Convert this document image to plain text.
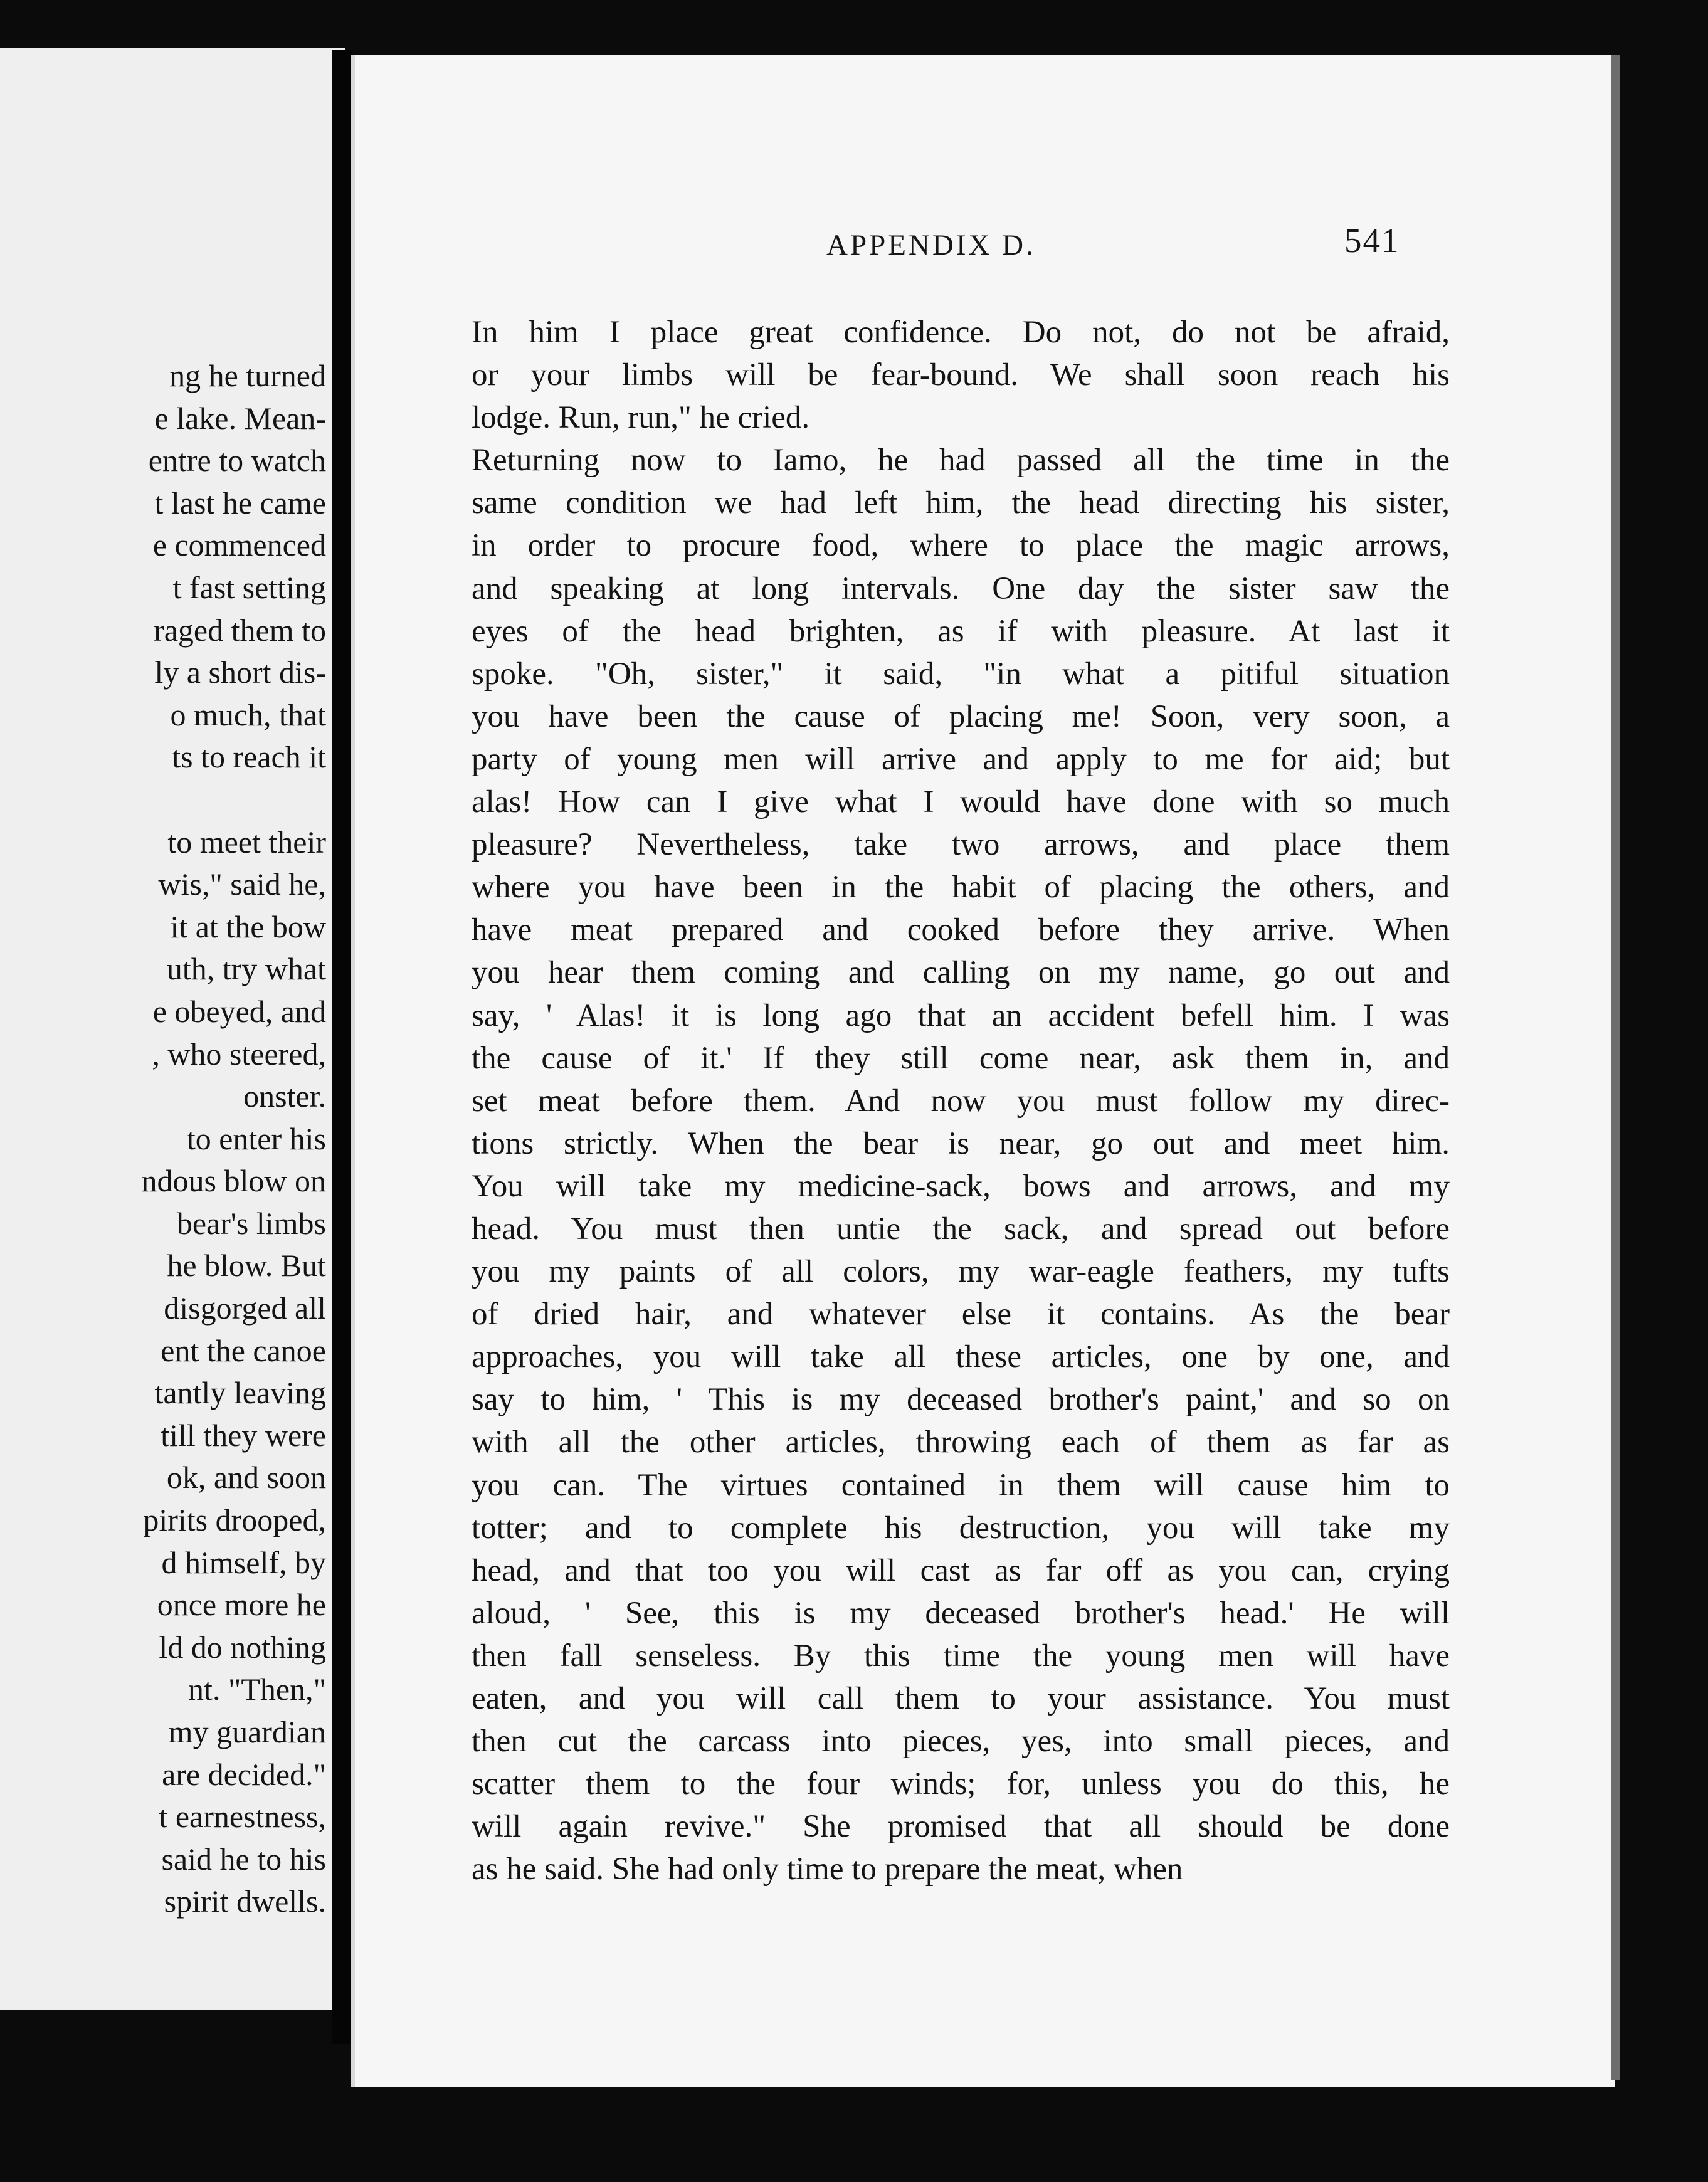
ng he turned
e lake. Mean-
entre to watch
t last he came
e commenced
t fast setting
raged them to
ly a short dis-
o much, that
ts to reach it
to meet their
wis," said he,
it at the bow
uth, try what
e obeyed, and
, who steered,
onster.
to enter his
ndous blow on
bear's limbs
he blow. But
disgorged all
ent the canoe
tantly leaving
till they were
ok, and soon
pirits drooped,
d himself, by
once more he
ld do nothing
nt. "Then,"
my guardian
are decided."
t earnestness,
said he to his
spirit dwells.
APPENDIX D.	541
In him I place great confidence. Do not, do not be afraid,
or your limbs will be fear-bound. We shall soon reach his
lodge. Run, run," he cried.
Returning now to Iamo, he had passed all the time in the
same condition we had left him, the head directing his sister,
in order to procure food, where to place the magic arrows,
and speaking at long intervals. One day the sister saw the
eyes of the head brighten, as if with pleasure. At last it
spoke. "Oh, sister," it said, "in what a pitiful situation
you have been the cause of placing me! Soon, very soon, a
party of young men will arrive and apply to me for aid; but
alas! How can I give what I would have done with so much
pleasure? Nevertheless, take two arrows, and place them
where you have been in the habit of placing the others, and
have meat prepared and cooked before they arrive. When
you hear them coming and calling on my name, go out and
say, ' Alas! it is long ago that an accident befell him. I was
the cause of it.' If they still come near, ask them in, and
set meat before them. And now you must follow my direc-
tions strictly. When the bear is near, go out and meet him.
You will take my medicine-sack, bows and arrows, and my
head. You must then untie the sack, and spread out before
you my paints of all colors, my war-eagle feathers, my tufts
of dried hair, and whatever else it contains. As the bear
approaches, you will take all these articles, one by one, and
say to him, ' This is my deceased brother's paint,' and so on
with all the other articles, throwing each of them as far as
you can. The virtues contained in them will cause him to
totter; and to complete his destruction, you will take my
head, and that too you will cast as far off as you can, crying
aloud, ' See, this is my deceased brother's head.' He will
then fall senseless. By this time the young men will have
eaten, and you will call them to your assistance. You must
then cut the carcass into pieces, yes, into small pieces, and
scatter them to the four winds; for, unless you do this, he
will again revive." She promised that all should be done
as he said. She had only time to prepare the meat, when
